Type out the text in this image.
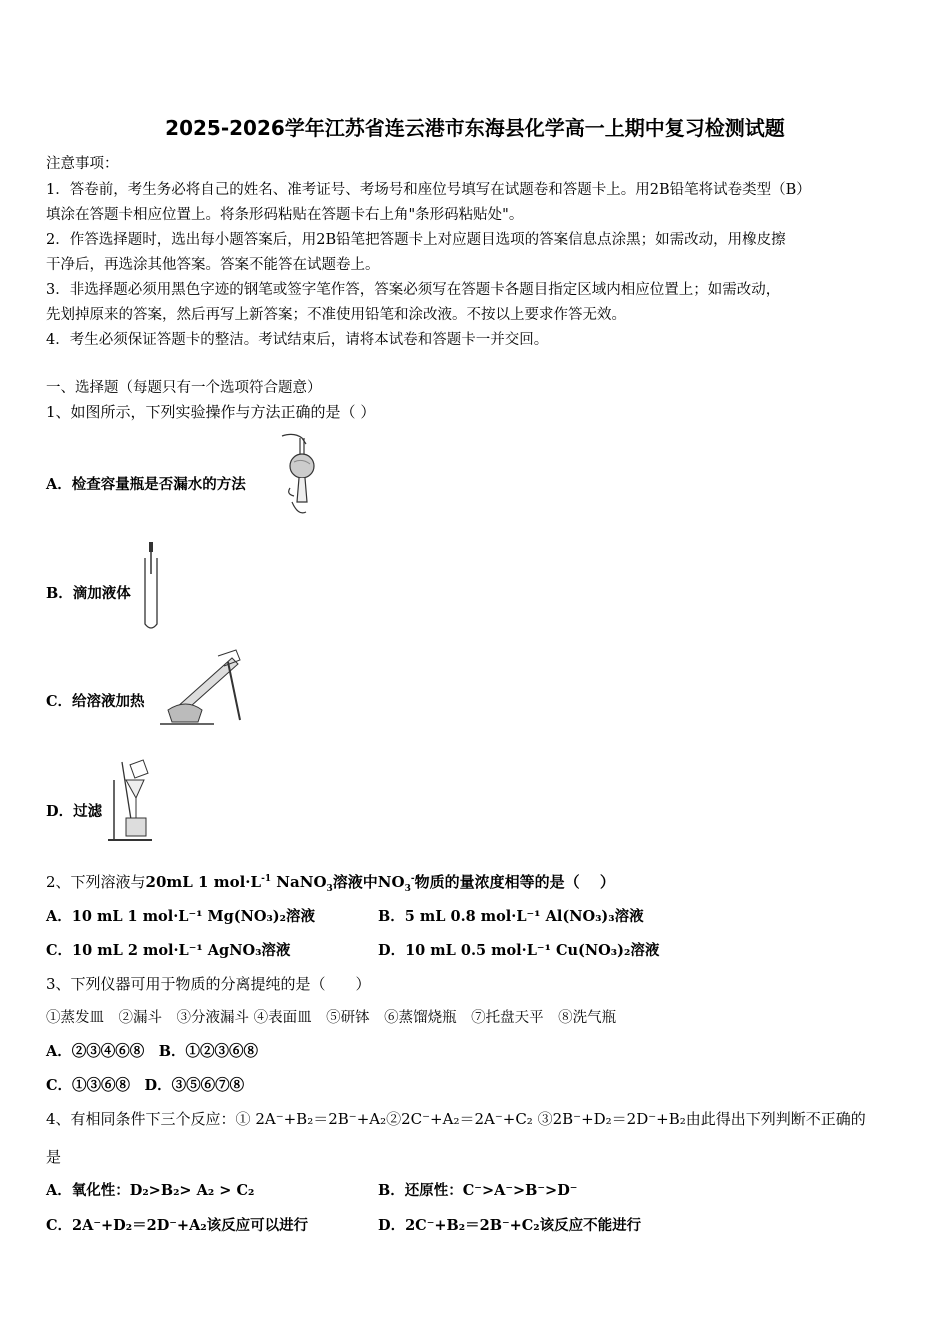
2025-2026学年江苏省连云港市东海县化学高一上期中复习检测试题
注意事项：
1．答卷前，考生务必将自己的姓名、准考证号、考场号和座位号填写在试题卷和答题卡上。用2B铅笔将试卷类型（B）
填涂在答题卡相应位置上。将条形码粘贴在答题卡右上角"条形码粘贴处"。
2．作答选择题时，选出每小题答案后，用2B铅笔把答题卡上对应题目选项的答案信息点涂黑；如需改动，用橡皮擦
干净后，再选涂其他答案。答案不能答在试题卷上。
3．非选择题必须用黑色字迹的钢笔或签字笔作答，答案必须写在答题卡各题目指定区域内相应位置上；如需改动，
先划掉原来的答案，然后再写上新答案；不准使用铅笔和涂改液。不按以上要求作答无效。
4．考生必须保证答题卡的整洁。考试结束后，请将本试卷和答题卡一并交回。
一、选择题（每题只有一个选项符合题意）
1、如图所示，下列实验操作与方法正确的是（ ）
A．检查容量瓶是否漏水的方法
B．滴加液体
C．给溶液加热
D．过滤
2、下列溶液与20mL 1 $mol\cdot L^{-1}$ NaNO$_3$溶液中$NO_3^-$物质的量浓度相等的是（　 ）
A．10 mL 1 mol·L⁻¹ Mg(NO₃)₂溶液	B．5 mL 0.8 mol·L⁻¹ Al(NO₃)₃溶液
C．10 mL 2 mol·L⁻¹ AgNO₃溶液	D．10 mL 0.5 mol·L⁻¹ Cu(NO₃)₂溶液
3、下列仪器可用于物质的分离提纯的是（　　）
①蒸发皿　②漏斗　③分液漏斗 ④表面皿　⑤研钵　⑥蒸馏烧瓶　⑦托盘天平　⑧洗气瓶
A．②③④⑥⑧　B．①②③⑥⑧
C．①③⑥⑧　D．③⑤⑥⑦⑧
4、有相同条件下三个反应：① 2A⁻+B₂＝2B⁻+A₂②2C⁻+A₂＝2A⁻+C₂ ③2B⁻+D₂＝2D⁻+B₂由此得出下列判断不正确的
是
A．氧化性：D₂>B₂> A₂ > C₂	B．还原性：C⁻>A⁻>B⁻>D⁻
C．2A⁻+D₂＝2D⁻+A₂该反应可以进行	D．2C⁻+B₂＝2B⁻+C₂该反应不能进行
